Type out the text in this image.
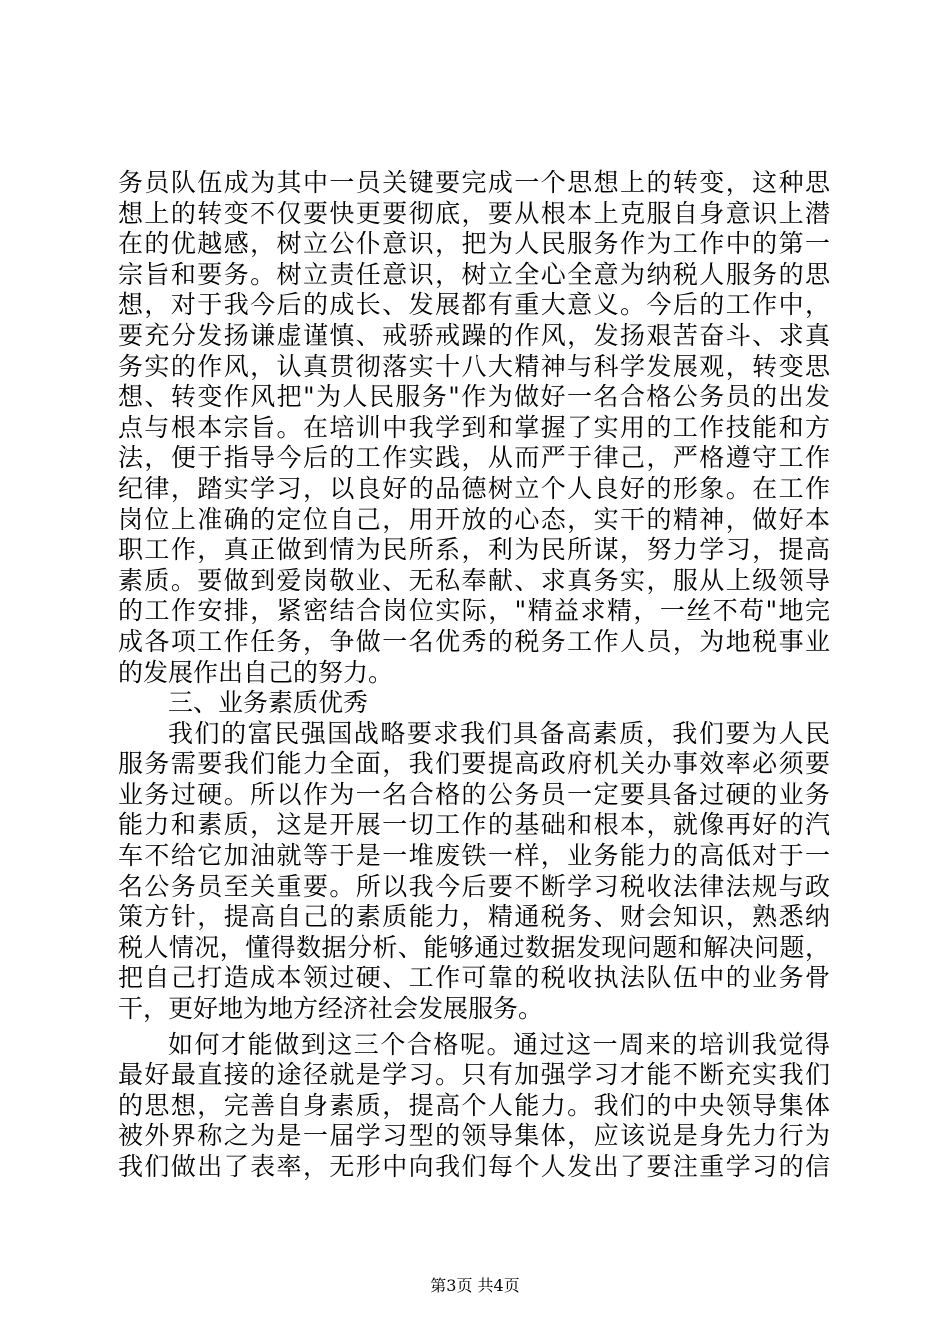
务员队伍成为其中一员关键要完成一个思想上的转变，这种思
想上的转变不仅要快更要彻底，要从根本上克服自身意识上潜
在的优越感，树立公仆意识，把为人民服务作为工作中的第一
宗旨和要务。树立责任意识，树立全心全意为纳税人服务的思
想，对于我今后的成长、发展都有重大意义。今后的工作中，
要充分发扬谦虚谨慎、戒骄戒躁的作风，发扬艰苦奋斗、求真
务实的作风，认真贯彻落实十八大精神与科学发展观，转变思
想、转变作风把"为人民服务"作为做好一名合格公务员的出发
点与根本宗旨。在培训中我学到和掌握了实用的工作技能和方
法，便于指导今后的工作实践，从而严于律己，严格遵守工作
纪律，踏实学习，以良好的品德树立个人良好的形象。在工作
岗位上准确的定位自己，用开放的心态，实干的精神，做好本
职工作，真正做到情为民所系，利为民所谋，努力学习，提高
素质。要做到爱岗敬业、无私奉献、求真务实，服从上级领导
的工作安排，紧密结合岗位实际，"精益求精，一丝不苟"地完
成各项工作任务，争做一名优秀的税务工作人员，为地税事业
的发展作出自己的努力。
三、业务素质优秀
我们的富民强国战略要求我们具备高素质，我们要为人民
服务需要我们能力全面，我们要提高政府机关办事效率必须要
业务过硬。所以作为一名合格的公务员一定要具备过硬的业务
能力和素质，这是开展一切工作的基础和根本，就像再好的汽
车不给它加油就等于是一堆废铁一样，业务能力的高低对于一
名公务员至关重要。所以我今后要不断学习税收法律法规与政
策方针，提高自己的素质能力，精通税务、财会知识，熟悉纳
税人情况，懂得数据分析、能够通过数据发现问题和解决问题，
把自己打造成本领过硬、工作可靠的税收执法队伍中的业务骨
干，更好地为地方经济社会发展服务。
如何才能做到这三个合格呢。通过这一周来的培训我觉得
最好最直接的途径就是学习。只有加强学习才能不断充实我们
的思想，完善自身素质，提高个人能力。我们的中央领导集体
被外界称之为是一届学习型的领导集体，应该说是身先力行为
我们做出了表率，无形中向我们每个人发出了要注重学习的信
第3页 共4页
